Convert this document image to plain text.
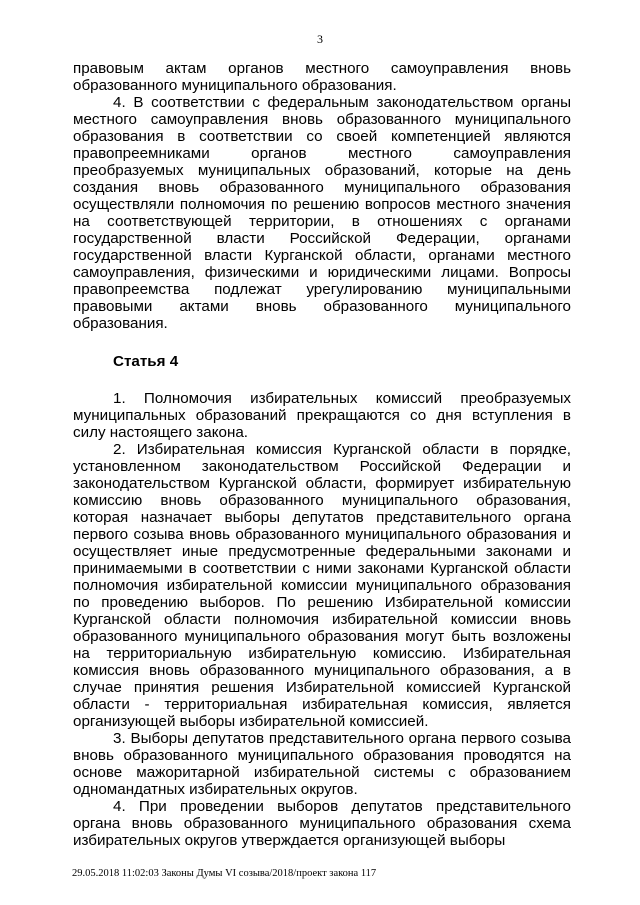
3

правовым актам органов местного самоуправления вновь образованного муниципального образования.

4. В соответствии с федеральным законодательством органы местного самоуправления вновь образованного муниципального образования в соответствии со своей компетенцией являются правопреемниками органов местного самоуправления преобразуемых муниципальных образований, которые на день создания вновь образованного муниципального образования осуществляли полномочия по решению вопросов местного значения на соответствующей территории, в отношениях с органами государственной власти Российской Федерации, органами государственной власти Курганской области, органами местного самоуправления, физическими и юридическими лицами. Вопросы правопреемства подлежат урегулированию муниципальными правовыми актами вновь образованного муниципального образования.

Статья 4

1. Полномочия избирательных комиссий преобразуемых муниципальных образований прекращаются со дня вступления в силу настоящего закона.

2. Избирательная комиссия Курганской области в порядке, установленном законодательством Российской Федерации и законодательством Курганской области, формирует избирательную комиссию вновь образованного муниципального образования, которая назначает выборы депутатов представительного органа первого созыва вновь образованного муниципального образования и осуществляет иные предусмотренные федеральными законами и принимаемыми в соответствии с ними законами Курганской области полномочия избирательной комиссии муниципального образования по проведению выборов. По решению Избирательной комиссии Курганской области полномочия избирательной комиссии вновь образованного муниципального образования могут быть возложены на территориальную избирательную комиссию. Избирательная комиссия вновь образованного муниципального образования, а в случае принятия решения Избирательной комиссией Курганской области - территориальная избирательная комиссия, является организующей выборы избирательной комиссией.

3. Выборы депутатов представительного органа первого созыва вновь образованного муниципального образования проводятся на основе мажоритарной избирательной системы с образованием одномандатных избирательных округов.

4. При проведении выборов депутатов представительного органа вновь образованного муниципального образования схема избирательных округов утверждается организующей выборы

29.05.2018 11:02:03 Законы Думы VI созыва/2018/проект закона 117
